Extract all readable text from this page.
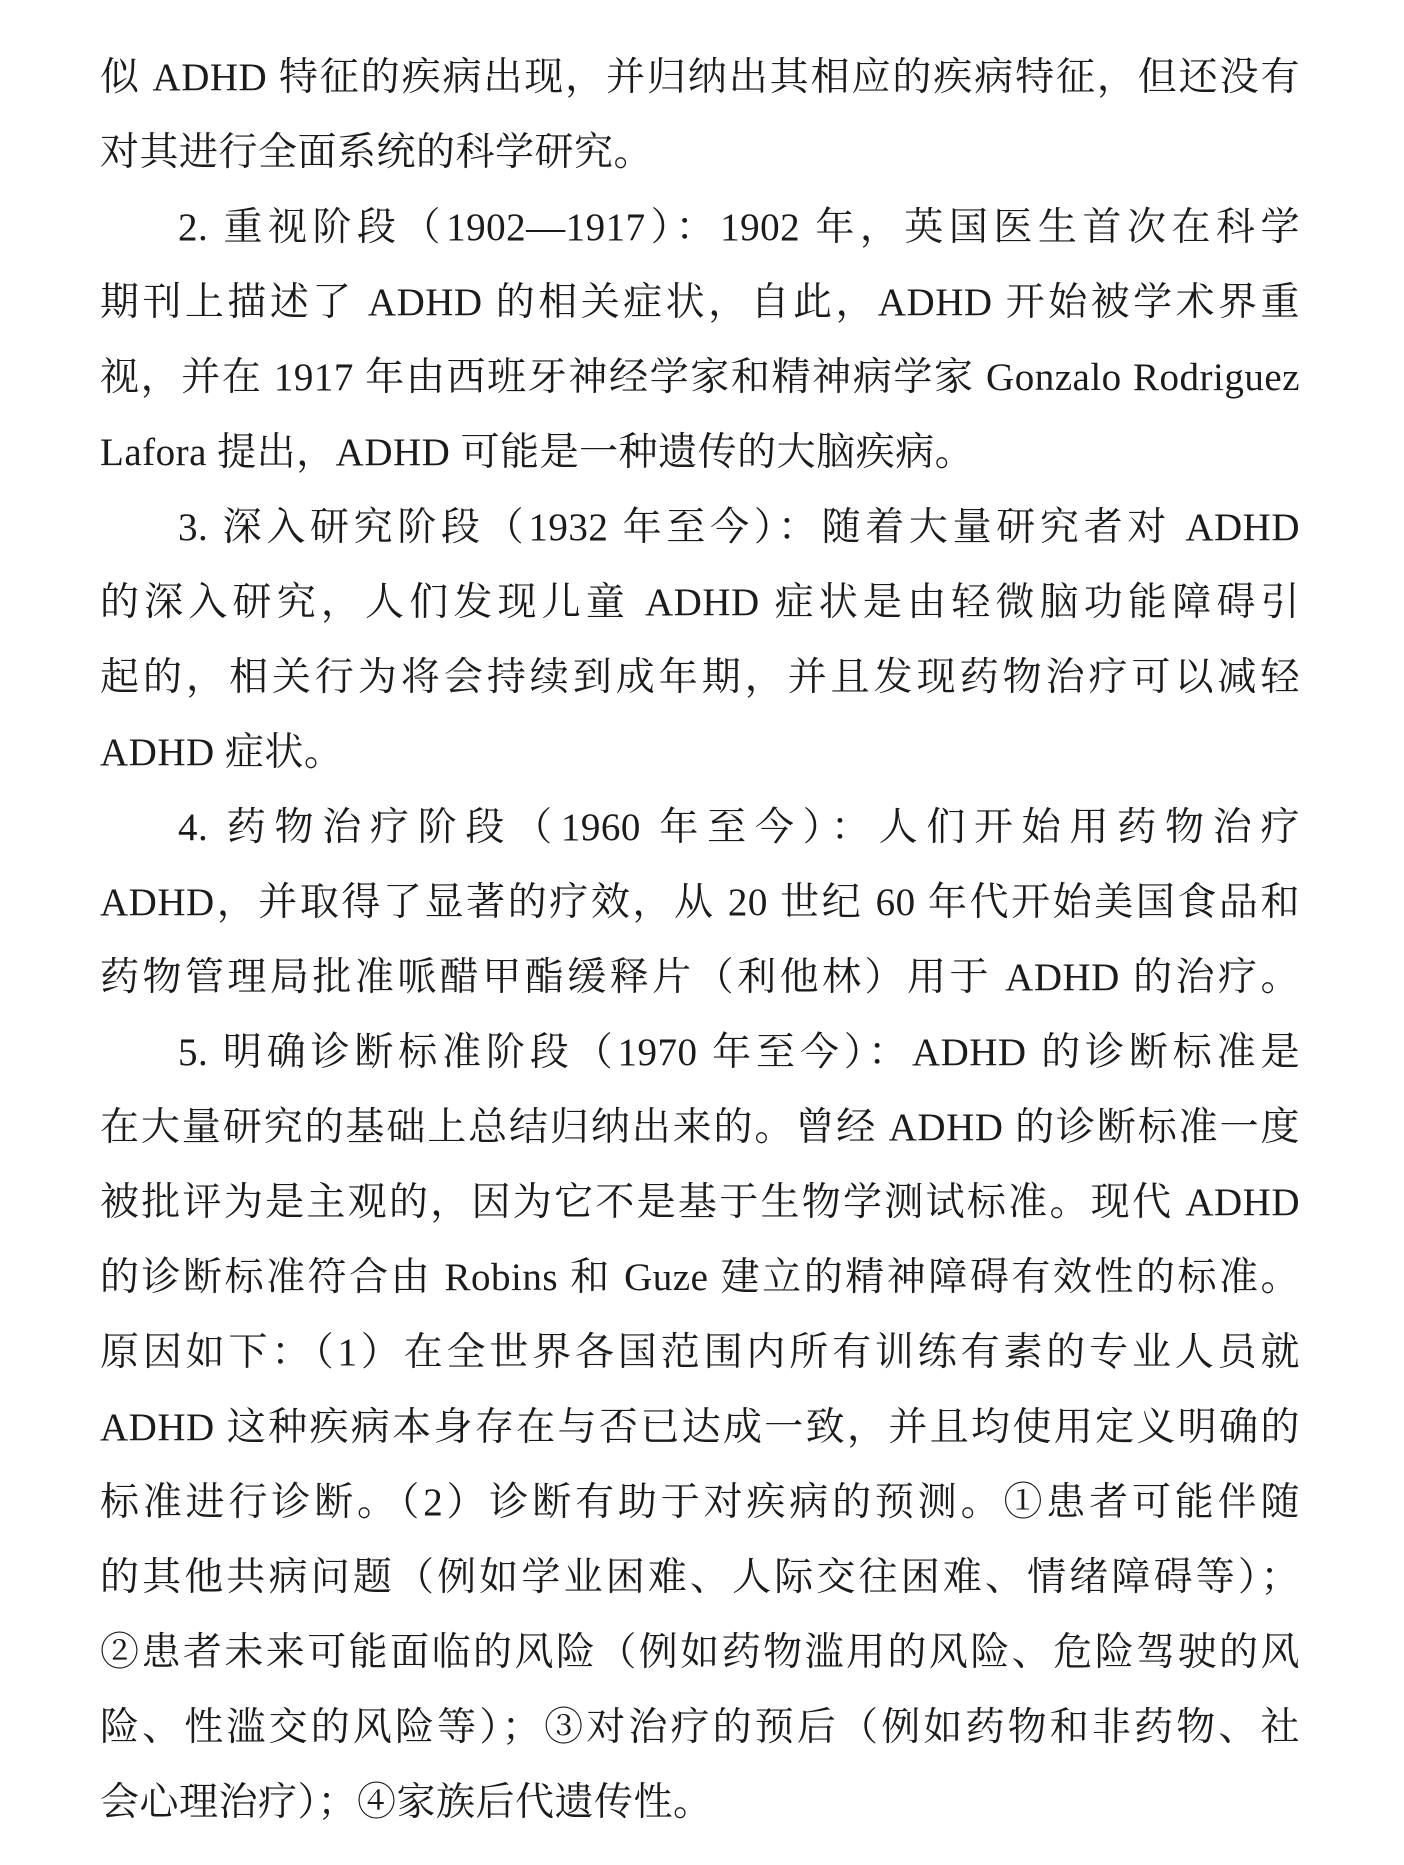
似 ADHD 特征的疾病出现，并归纳出其相应的疾病特征，但还没有
对其进行全面系统的科学研究。
2. 重视阶段（1902—1917）：1902 年，英国医生首次在科学
期刊上描述了 ADHD 的相关症状，自此，ADHD 开始被学术界重
视，并在 1917 年由西班牙神经学家和精神病学家 Gonzalo Rodriguez
Lafora 提出，ADHD 可能是一种遗传的大脑疾病。
3. 深入研究阶段（1932 年至今）：随着大量研究者对 ADHD
的深入研究，人们发现儿童 ADHD 症状是由轻微脑功能障碍引
起的，相关行为将会持续到成年期，并且发现药物治疗可以减轻
ADHD 症状。
4. 药物治疗阶段（1960 年至今）：人们开始用药物治疗
ADHD，并取得了显著的疗效，从 20 世纪 60 年代开始美国食品和
药物管理局批准哌醋甲酯缓释片（利他林）用于 ADHD 的治疗。
5. 明确诊断标准阶段（1970 年至今）：ADHD 的诊断标准是
在大量研究的基础上总结归纳出来的。曾经 ADHD 的诊断标准一度
被批评为是主观的，因为它不是基于生物学测试标准。现代 ADHD
的诊断标准符合由 Robins 和 Guze 建立的精神障碍有效性的标准。
原因如下：（1）在全世界各国范围内所有训练有素的专业人员就
ADHD 这种疾病本身存在与否已达成一致，并且均使用定义明确的
标准进行诊断。（2）诊断有助于对疾病的预测。①患者可能伴随
的其他共病问题（例如学业困难、人际交往困难、情绪障碍等）；
②患者未来可能面临的风险（例如药物滥用的风险、危险驾驶的风
险、性滥交的风险等）；③对治疗的预后（例如药物和非药物、社
会心理治疗）；④家族后代遗传性。
